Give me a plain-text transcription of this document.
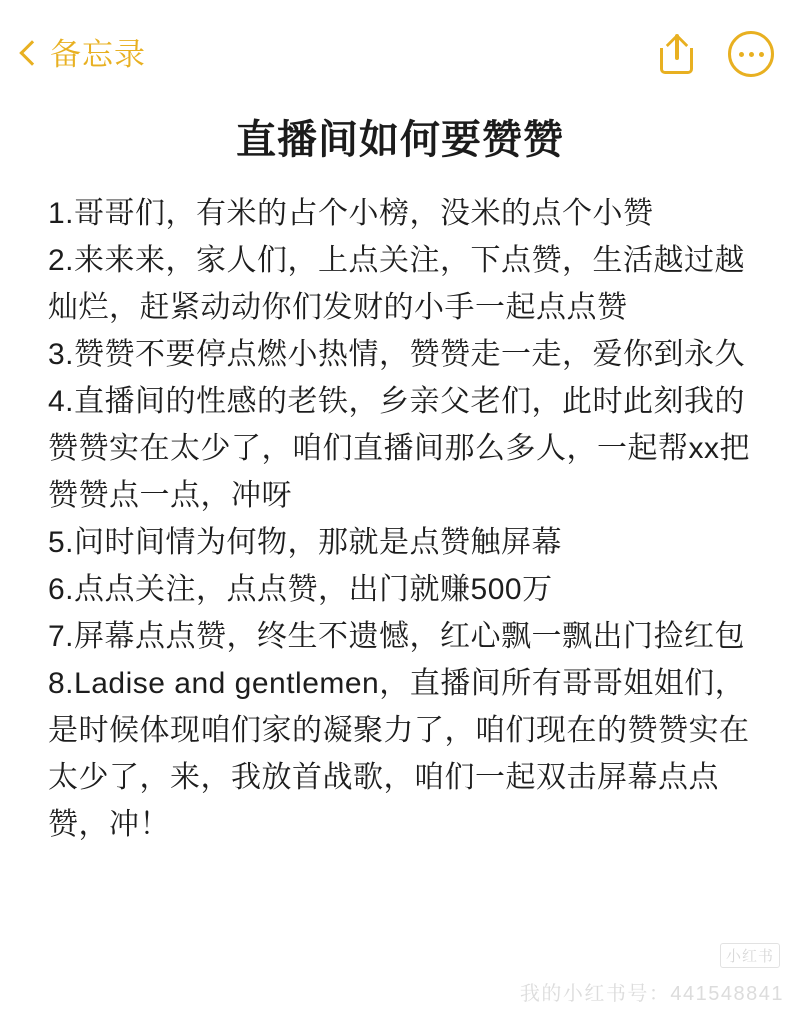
备忘录
直播间如何要赞赞
1.哥哥们，有米的占个小榜，没米的点个小赞
2.来来来，家人们，上点关注，下点赞，生活越过越灿烂，赶紧动动你们发财的小手一起点点赞
3.赞赞不要停点燃小热情，赞赞走一走，爱你到永久
4.直播间的性感的老铁，乡亲父老们，此时此刻我的赞赞实在太少了，咱们直播间那么多人，一起帮xx把赞赞点一点，冲呀
5.问时间情为何物，那就是点赞触屏幕
6.点点关注，点点赞，出门就赚500万
7.屏幕点点赞，终生不遗憾，红心飘一飘出门捡红包
8.Ladise and gentlemen，直播间所有哥哥姐姐们，是时候体现咱们家的凝聚力了，咱们现在的赞赞实在太少了，来，我放首战歌，咱们一起双击屏幕点点赞，冲！
小红书
我的小红书号：441548841
